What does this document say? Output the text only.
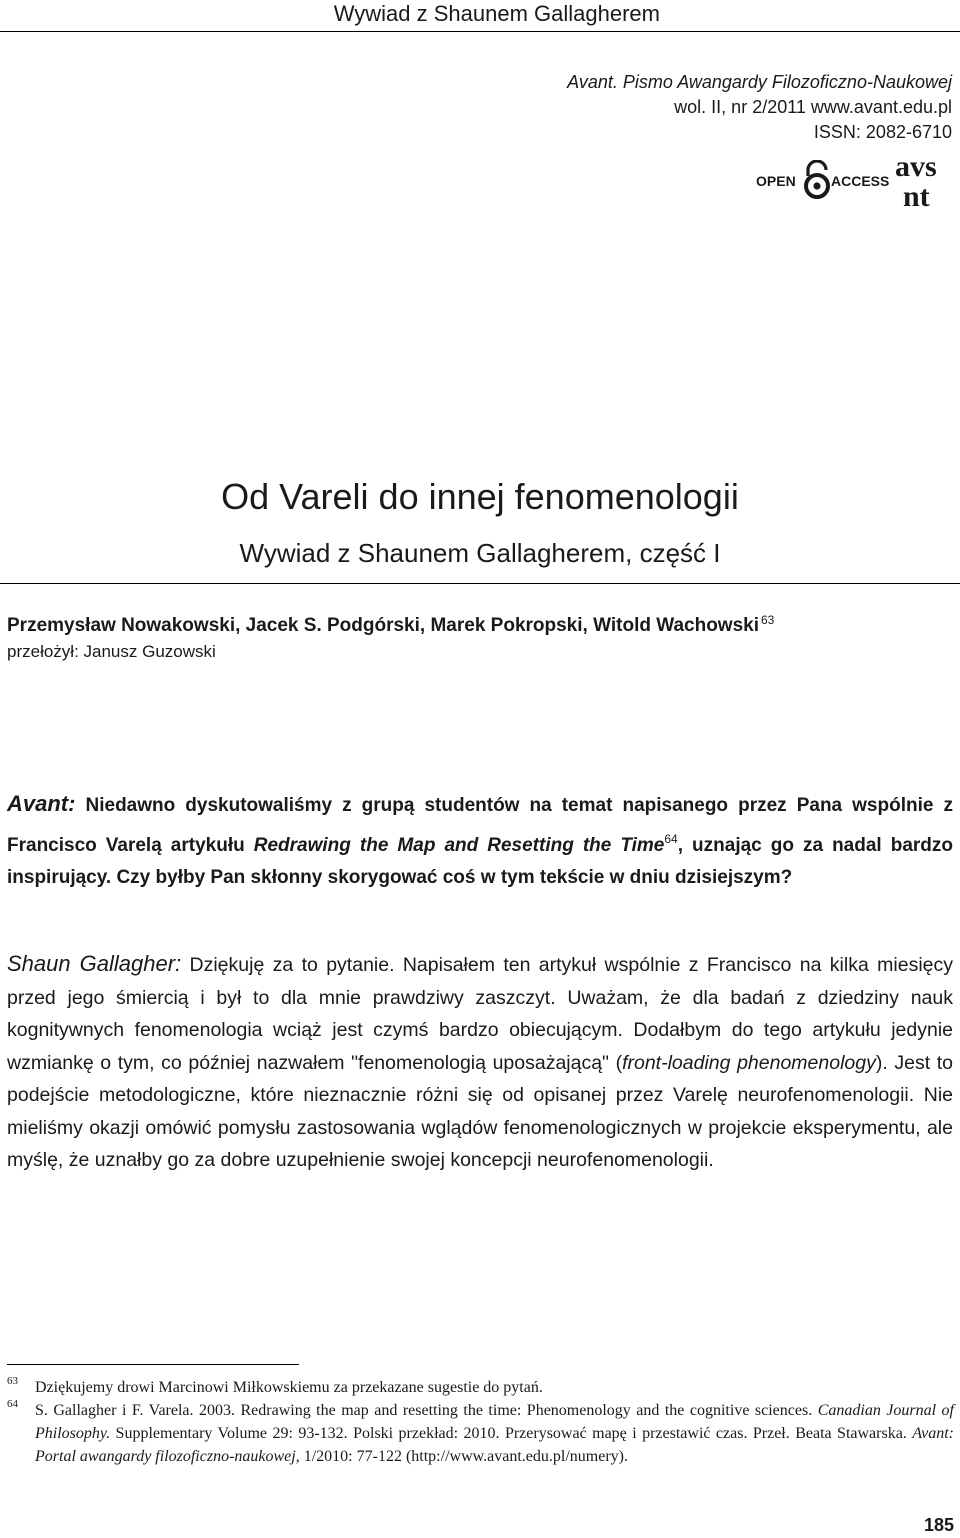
Wywiad z Shaunem Gallagherem
Avant. Pismo Awangardy Filozoficzno-Naukowej
wol. II, nr 2/2011 www.avant.edu.pl
ISSN: 2082-6710
OPEN	ACCESS avs
nt
Od Vareli do innej fenomenologii
Wywiad z Shaunem Gallagherem, część I
Przemysław Nowakowski, Jacek S. Podgórski, Marek Pokropski, Witold Wachowski $^{63}$
przełożył: Janusz Guzowski
Avant: Niedawno dyskutowaliśmy z grupą studentów na temat napisanego przez Pana wspólnie z Francisco Varelą artykułu Redrawing the Map and Resetting the Time$^{64}$, uznając go za nadal bardzo inspirujący. Czy byłby Pan skłonny skorygować coś w tym tekście w dniu dzisiejszym?
Shaun Gallagher: Dziękuję za to pytanie. Napisałem ten artykuł wspólnie z Francisco na kilka miesięcy przed jego śmiercią i był to dla mnie prawdziwy zaszczyt. Uważam, że dla badań z dziedziny nauk kognitywnych fenomenologia wciąż jest czymś bardzo obiecującym. Dodałbym do tego artykułu jedynie wzmiankę o tym, co później nazwałem "fenomenologią uposażającą" (front-loading phenomenology). Jest to podejście metodologiczne, które nieznacznie różni się od opisanej przez Varelę neurofenomenologii. Nie mieliśmy okazji omówić pomysłu zastosowania wglądów fenomenologicznych w projekcie eksperymentu, ale myślę, że uznałby go za dobre uzupełnienie swojej koncepcji neurofenomenologii.
63 Dziękujemy drowi Marcinowi Miłkowskiemu za przekazane sugestie do pytań.
64 S. Gallagher i F. Varela. 2003. Redrawing the map and resetting the time: Phenomenology and the cognitive sciences. Canadian Journal of Philosophy. Supplementary Volume 29: 93-132. Polski przekład: 2010. Przerysować mapę i przestawić czas. Przeł. Beata Stawarska. Avant: Portal awangardy filozoficzno-naukowej, 1/2010: 77-122 (http://www.avant.edu.pl/numery).
185
